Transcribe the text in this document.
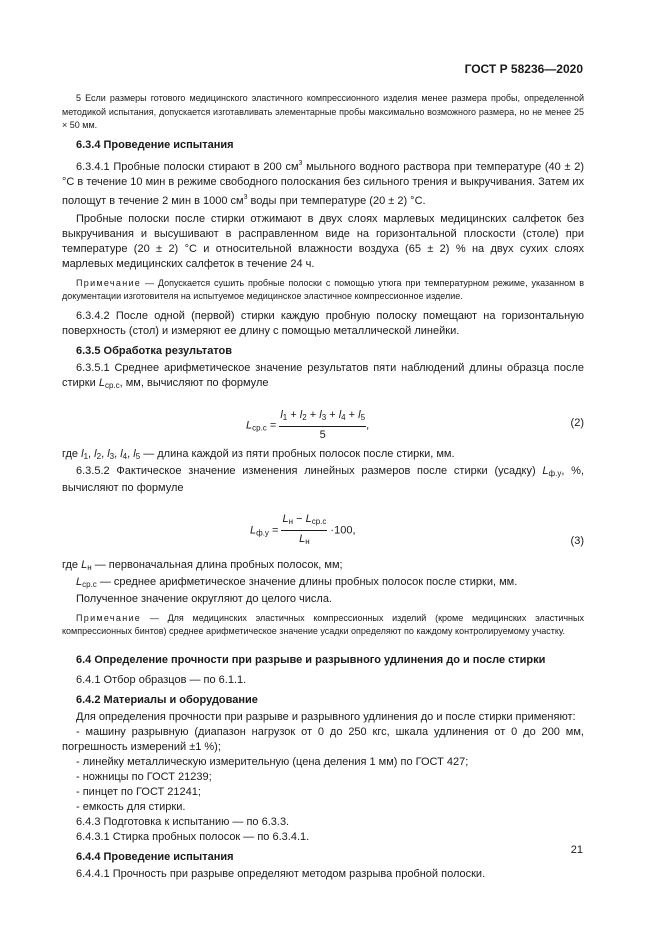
ГОСТ Р 58236—2020

5 Если размеры готового медицинского эластичного компрессионного изделия менее размера пробы, определенной методикой испытания, допускается изготавливать элементарные пробы максимально возможного размера, но не менее 25 × 50 мм.

6.3.4 Проведение испытания

6.3.4.1 Пробные полоски стирают в 200 $см^3$ мыльного водного раствора при температуре (40 ± 2) °С в течение 10 мин в режиме свободного полоскания без сильного трения и выкручивания. Затем их полощут в течение 2 мин в 1000 $см^3$ воды при температуре (20 ± 2) °С.

Пробные полоски после стирки отжимают в двух слоях марлевых медицинских салфеток без выкручивания и высушивают в расправленном виде на горизонтальной плоскости (столе) при температуре (20 ± 2) °С и относительной влажности воздуха (65 ± 2) % на двух сухих слоях марлевых медицинских салфеток в течение 24 ч.

Примечание — Допускается сушить пробные полоски с помощью утюга при температурном режиме, указанном в документации изготовителя на испытуемое медицинское эластичное компрессионное изделие.

6.3.4.2 После одной (первой) стирки каждую пробную полоску помещают на горизонтальную поверхность (стол) и измеряют ее длину с помощью металлической линейки.

6.3.5 Обработка результатов

6.3.5.1 Среднее арифметическое значение результатов пяти наблюдений длины образца после стирки $L_{ср.с}$, мм, вычисляют по формуле

$L_{ср.с} = \frac{l_1 + l_2 + l_3 + l_4 + l_5}{5}$ ,	(2)

где $l_1$, $l_2$, $l_3$, $l_4$, $l_5$ — длина каждой из пяти пробных полосок после стирки, мм.

6.3.5.2 Фактическое значение изменения линейных размеров после стирки (усадку) $L_{ф.у}$, %, вычисляют по формуле

$L_{ф.у} = \frac{L_н - L_{ср.с}}{L_н} \cdot 100$,
(3)

где $L_н$ — первоначальная длина пробных полосок, мм;

$L_{ср.с}$ — среднее арифметическое значение длины пробных полосок после стирки, мм.

Полученное значение округляют до целого числа.

Примечание — Для медицинских эластичных компрессионных изделий (кроме медицинских эластичных компрессионных бинтов) среднее арифметическое значение усадки определяют по каждому контролируемому участку.

6.4 Определение прочности при разрыве и разрывного удлинения до и после стирки

6.4.1 Отбор образцов — по 6.1.1.

6.4.2 Материалы и оборудование

Для определения прочности при разрыве и разрывного удлинения до и после стирки применяют:

- машину разрывную (диапазон нагрузок от 0 до 250 кгс, шкала удлинения от 0 до 200 мм, погрешность измерений ±1 %);

- линейку металлическую измерительную (цена деления 1 мм) по ГОСТ 427;

- ножницы по ГОСТ 21239;

- пинцет по ГОСТ 21241;

- емкость для стирки.

6.4.3 Подготовка к испытанию — по 6.3.3.

6.4.3.1 Стирка пробных полосок — по 6.3.4.1.

6.4.4 Проведение испытания

6.4.4.1 Прочность при разрыве определяют методом разрыва пробной полоски.

21
